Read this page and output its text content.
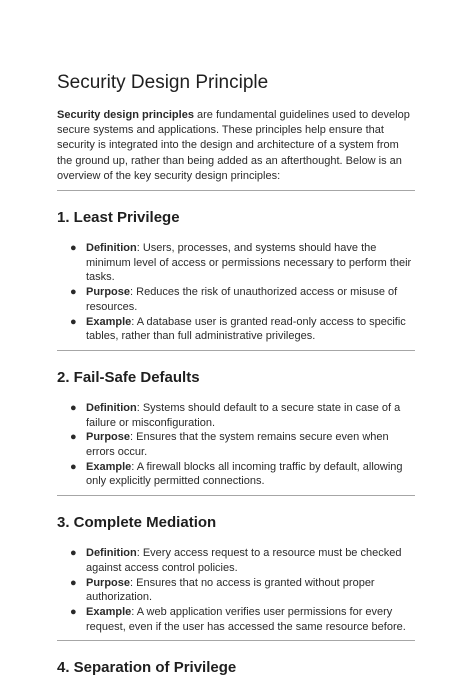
Security Design Principle

Security design principles are fundamental guidelines used to develop secure systems and applications. These principles help ensure that security is integrated into the design and architecture of a system from the ground up, rather than being added as an afterthought. Below is an overview of the key security design principles:

1. Least Privilege
● Definition: Users, processes, and systems should have the minimum level of access or permissions necessary to perform their tasks.
● Purpose: Reduces the risk of unauthorized access or misuse of resources.
● Example: A database user is granted read-only access to specific tables, rather than full administrative privileges.
2. Fail-Safe Defaults
● Definition: Systems should default to a secure state in case of a failure or misconfiguration.
● Purpose: Ensures that the system remains secure even when errors occur.
● Example: A firewall blocks all incoming traffic by default, allowing only explicitly permitted connections.
3. Complete Mediation
● Definition: Every access request to a resource must be checked against access control policies.
● Purpose: Ensures that no access is granted without proper authorization.
● Example: A web application verifies user permissions for every request, even if the user has accessed the same resource before.
4. Separation of Privilege
